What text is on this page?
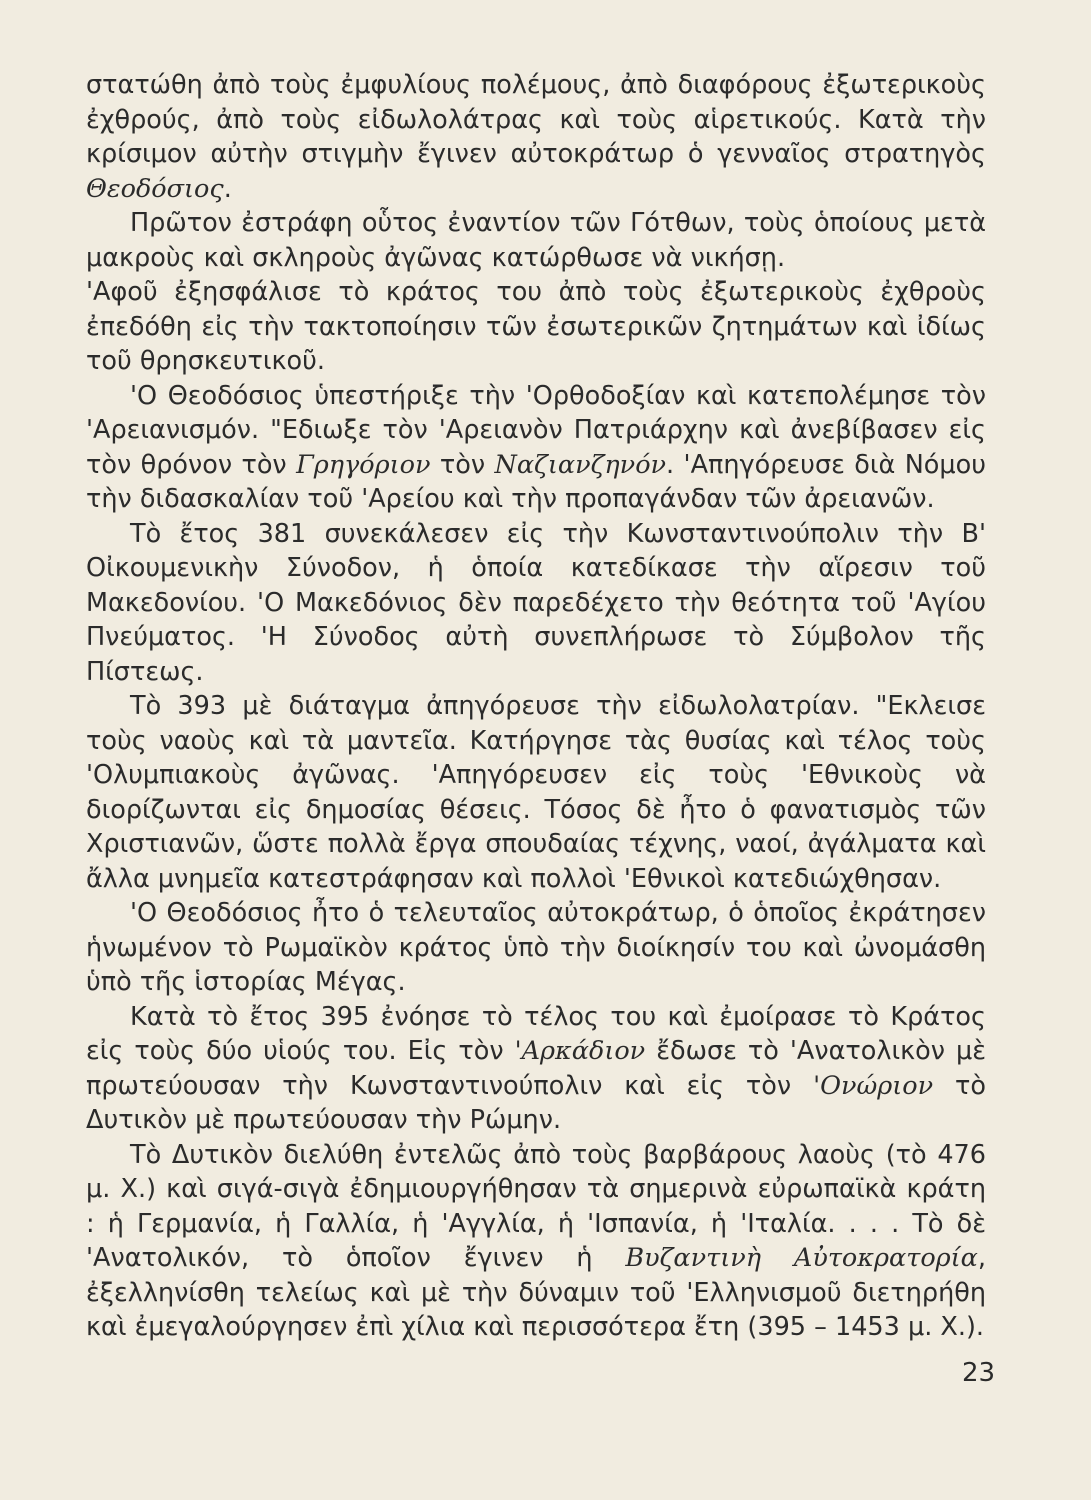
στατώθη ἀπὸ τοὺς ἐμφυλίους πολέμους, ἀπὸ διαφόρους ἐξωτερικοὺς ἐχθρούς, ἀπὸ τοὺς εἰδωλολάτρας καὶ τοὺς αἱρετικούς. Κατὰ τὴν κρίσιμον αὐτὴν στιγμὴν ἔγινεν αὐτοκράτωρ ὁ γενναῖος στρατηγὸς Θεοδόσιος.

Πρῶτον ἐστράφη οὗτος ἐναντίον τῶν Γότθων, τοὺς ὁποίους μετὰ μακροὺς καὶ σκληροὺς ἀγῶνας κατώρθωσε νὰ νικήσῃ.

'Αφοῦ ἐξησφάλισε τὸ κράτος του ἀπὸ τοὺς ἐξωτερικοὺς ἐχθροὺς ἐπεδόθη εἰς τὴν τακτοποίησιν τῶν ἐσωτερικῶν ζητημάτων καὶ ἰδίως τοῦ θρησκευτικοῦ.

'Ο Θεοδόσιος ὑπεστήριξε τὴν 'Ορθοδοξίαν καὶ κατεπολέμησε τὸν 'Αρειανισμόν. "Εδιωξε τὸν 'Αρειανὸν Πατριάρχην καὶ ἀνεβίβασεν εἰς τὸν θρόνον τὸν Γρηγόριον τὸν Ναζιανζηνόν. 'Απηγόρευσε διὰ Νόμου τὴν διδασκαλίαν τοῦ 'Αρείου καὶ τὴν προπαγάνδαν τῶν ἀρειανῶν.

Τὸ ἔτος 381 συνεκάλεσεν εἰς τὴν Κωνσταντινούπολιν τὴν Β' Οἰκουμενικὴν Σύνοδον, ἡ ὁποία κατεδίκασε τὴν αἵρεσιν τοῦ Μακεδονίου. 'Ο Μακεδόνιος δὲν παρεδέχετο τὴν θεότητα τοῦ 'Αγίου Πνεύματος. 'Η Σύνοδος αὐτὴ συνεπλήρωσε τὸ Σύμβολον τῆς Πίστεως.

Τὸ 393 μὲ διάταγμα ἀπηγόρευσε τὴν εἰδωλολατρίαν. "Εκλεισε τοὺς ναοὺς καὶ τὰ μαντεῖα. Κατήργησε τὰς θυσίας καὶ τέλος τοὺς 'Ολυμπιακοὺς ἀγῶνας. 'Απηγόρευσεν εἰς τοὺς 'Εθνικοὺς νὰ διορίζωνται εἰς δημοσίας θέσεις. Τόσος δὲ ἦτο ὁ φανατισμὸς τῶν Χριστιανῶν, ὥστε πολλὰ ἔργα σπουδαίας τέχνης, ναοί, ἀγάλματα καὶ ἄλλα μνημεῖα κατεστράφησαν καὶ πολλοὶ 'Εθνικοὶ κατεδιώχθησαν.

'Ο Θεοδόσιος ἦτο ὁ τελευταῖος αὐτοκράτωρ, ὁ ὁποῖος ἐκράτησεν ἡνωμένον τὸ Ρωμαϊκὸν κράτος ὑπὸ τὴν διοίκησίν του καὶ ὠνομάσθη ὑπὸ τῆς ἱστορίας Μέγας.

Κατὰ τὸ ἔτος 395 ἐνόησε τὸ τέλος του καὶ ἐμοίρασε τὸ Κράτος εἰς τοὺς δύο υἱούς του. Εἰς τὸν 'Αρκάδιον ἔδωσε τὸ 'Ανατολικὸν μὲ πρωτεύουσαν τὴν Κωνσταντινούπολιν καὶ εἰς τὸν 'Ονώριον τὸ Δυτικὸν μὲ πρωτεύουσαν τὴν Ρώμην.

Τὸ Δυτικὸν διελύθη ἐντελῶς ἀπὸ τοὺς βαρβάρους λαοὺς (τὸ 476 μ. Χ.) καὶ σιγά-σιγὰ ἐδημιουργήθησαν τὰ σημερινὰ εὐρωπαϊκὰ κράτη : ἡ Γερμανία, ἡ Γαλλία, ἡ 'Αγγλία, ἡ 'Ισπανία, ἡ 'Ιταλία. . . . Τὸ δὲ 'Ανατολικόν, τὸ ὁποῖον ἔγινεν ἡ Βυζαντινὴ Αὐτοκρατορία, ἐξελληνίσθη τελείως καὶ μὲ τὴν δύναμιν τοῦ 'Ελληνισμοῦ διετηρήθη καὶ ἐμεγαλούργησεν ἐπὶ χίλια καὶ περισσότερα ἔτη (395 – 1453 μ. Χ.).

23
